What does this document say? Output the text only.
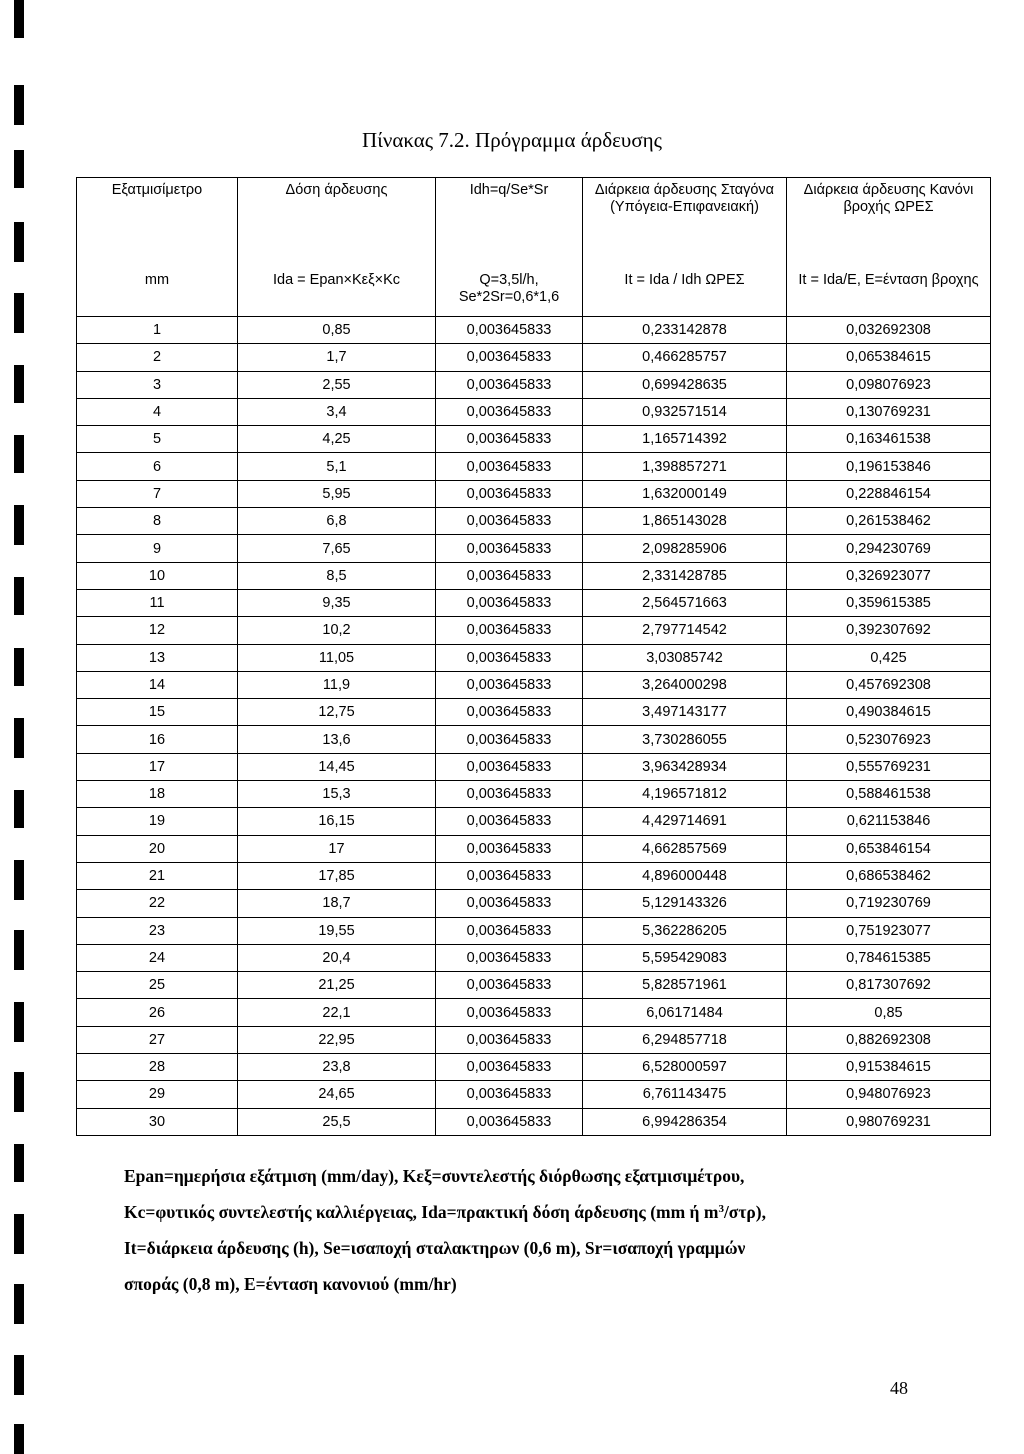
Πίνακας 7.2. Πρόγραμμα άρδευσης
Εξατμισίμετρο	Δόση άρδευσης	Idh=q/Se*Sr	Διάρκεια άρδευσης Σταγόνα (Υπόγεια-Επιφανειακή)	Διάρκεια άρδευσης Κανόνι βροχής ΩΡΕΣ
mm	Ida = Epan×Kεξ×Kc	Q=3,5l/h, Se*2Sr=0,6*1,6	It = Ida / Idh ΩΡΕΣ	It = Ida/E, E=ένταση βροχης
1	0,85	0,003645833	0,233142878	0,032692308
2	1,7	0,003645833	0,466285757	0,065384615
3	2,55	0,003645833	0,699428635	0,098076923
4	3,4	0,003645833	0,932571514	0,130769231
5	4,25	0,003645833	1,165714392	0,163461538
6	5,1	0,003645833	1,398857271	0,196153846
7	5,95	0,003645833	1,632000149	0,228846154
8	6,8	0,003645833	1,865143028	0,261538462
9	7,65	0,003645833	2,098285906	0,294230769
10	8,5	0,003645833	2,331428785	0,326923077
11	9,35	0,003645833	2,564571663	0,359615385
12	10,2	0,003645833	2,797714542	0,392307692
13	11,05	0,003645833	3,03085742	0,425
14	11,9	0,003645833	3,264000298	0,457692308
15	12,75	0,003645833	3,497143177	0,490384615
16	13,6	0,003645833	3,730286055	0,523076923
17	14,45	0,003645833	3,963428934	0,555769231
18	15,3	0,003645833	4,196571812	0,588461538
19	16,15	0,003645833	4,429714691	0,621153846
20	17	0,003645833	4,662857569	0,653846154
21	17,85	0,003645833	4,896000448	0,686538462
22	18,7	0,003645833	5,129143326	0,719230769
23	19,55	0,003645833	5,362286205	0,751923077
24	20,4	0,003645833	5,595429083	0,784615385
25	21,25	0,003645833	5,828571961	0,817307692
26	22,1	0,003645833	6,06171484	0,85
27	22,95	0,003645833	6,294857718	0,882692308
28	23,8	0,003645833	6,528000597	0,915384615
29	24,65	0,003645833	6,761143475	0,948076923
30	25,5	0,003645833	6,994286354	0,980769231

Epan=ημερήσια εξάτμιση (mm/day), Κεξ=συντελεστής διόρθωσης εξατμισιμέτρου,

Kc=φυτικός συντελεστής καλλιέργειας, Ida=πρακτική δόση άρδευσης (mm ή $m^3/\sigma\tau\rho$),

It=διάρκεια άρδευσης (h), Se=ισαποχή σταλακτηρων (0,6 m), Sr=ισαποχή γραμμών

σποράς (0,8 m), E=ένταση κανονιού (mm/hr)

48
